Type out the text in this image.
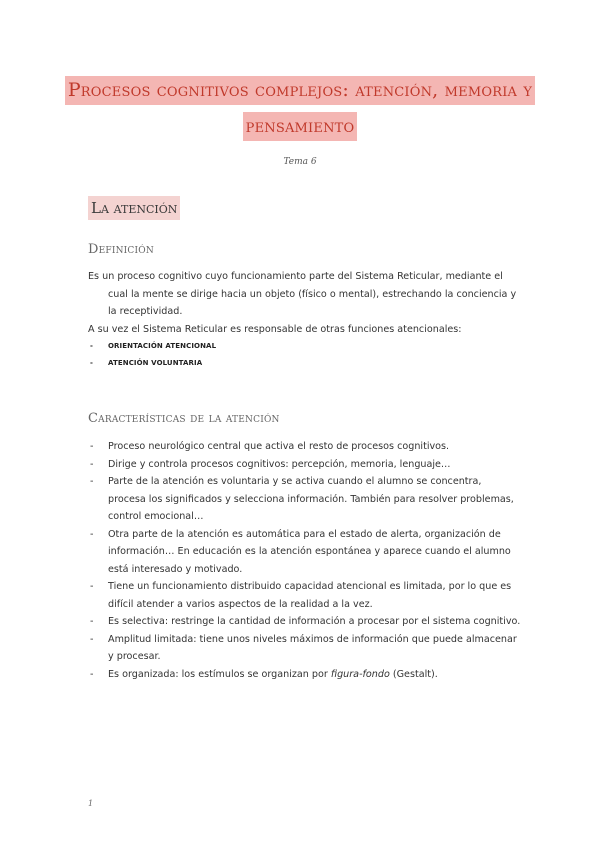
Procesos cognitivos complejos: atención, memoria y
pensamiento
Tema 6
La atención
Definición
Es un proceso cognitivo cuyo funcionamiento parte del Sistema Reticular, mediante el
cual la mente se dirige hacia un objeto (físico o mental), estrechando la conciencia y
la receptividad.
A su vez el Sistema Reticular es responsable de otras funciones atencionales:
- ORIENTACIÓN ATENCIONAL
- ATENCIÓN VOLUNTARIA
Características de la atención
- Proceso neurológico central que activa el resto de procesos cognitivos.
- Dirige y controla procesos cognitivos: percepción, memoria, lenguaje…
- Parte de la atención es voluntaria y se activa cuando el alumno se concentra,
procesa los significados y selecciona información. También para resolver problemas,
control emocional…
- Otra parte de la atención es automática para el estado de alerta, organización de
información… En educación es la atención espontánea y aparece cuando el alumno
está interesado y motivado.
- Tiene un funcionamiento distribuido capacidad atencional es limitada, por lo que es
difícil atender a varios aspectos de la realidad a la vez.
- Es selectiva: restringe la cantidad de información a procesar por el sistema cognitivo.
- Amplitud limitada: tiene unos niveles máximos de información que puede almacenar
y procesar.
- Es organizada: los estímulos se organizan por figura-fondo (Gestalt).
1
